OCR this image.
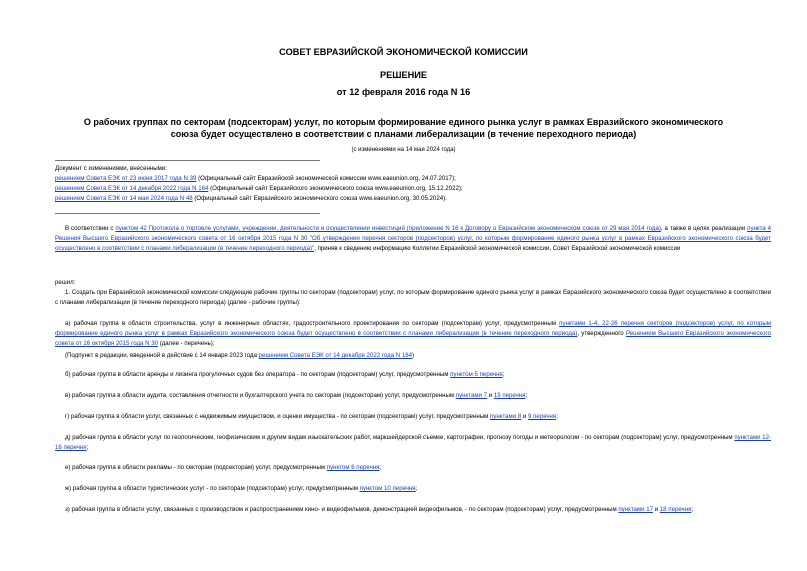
СОВЕТ ЕВРАЗИЙСКОЙ ЭКОНОМИЧЕСКОЙ КОМИССИИ
РЕШЕНИЕ
от 12 февраля 2016 года N 16
О рабочих группах по секторам (подсекторам) услуг, по которым формирование единого рынка услуг в рамках Евразийского экономического союза будет осуществлено в соответствии с планами либерализации (в течение переходного периода)
(с изменениями на 14 мая 2024 года)
Документ с изменениями, внесенными:
решением Совета ЕЭК от 23 июня 2017 года N 39 (Официальный сайт Евразийской экономической комиссии www.eaeunion.org, 24.07.2017);
решением Совета ЕЭК от 14 декабря 2022 года N 164 (Официальный сайт Евразийского экономического союза www.eaeunion.org, 15.12.2022);
решением Совета ЕЭК от 14 мая 2024 года N 48 (Официальный сайт Евразийского экономического союза www.eaeunion.org, 30.05.2024).
В соответствии с пунктом 42 Протокола о торговле услугами, учреждении, деятельности и осуществлении инвестиций (приложение N 16 к Договору о Евразийском экономическом союзе от 29 мая 2014 года), а также в целях реализации пункта 4 Решения Высшего Евразийского экономического совета от 16 октября 2015 года N 30 "Об утверждении перечня секторов (подсекторов) услуг, по которым формирование единого рынка услуг в рамках Евразийского экономического союза будет осуществлено в соответствии с планами либерализации (в течение переходного периода)", приняв к сведению информацию Коллегии Евразийской экономической комиссии, Совет Евразийской экономической комиссии
решил:
1. Создать при Евразийской экономической комиссии следующие рабочие группы по секторам (подсекторам) услуг, по которым формирование единого рынка услуг в рамках Евразийского экономического союза будет осуществлено в соответствии с планами либерализации (в течение переходного периода) (далее - рабочие группы):
а) рабочая группа в области строительства, услуг в инженерных областях, градостроительного проектирования по секторам (подсекторам) услуг, предусмотренным пунктами 1-4, 22-26 перечня секторов (подсекторов) услуг, по которым формирование единого рынка услуг в рамках Евразийского экономического союза будет осуществлено в соответствии с планами либерализации (в течение переходного периода), утвержденного Решением Высшего Евразийского экономического совета от 16 октября 2015 года N 30 (далее - перечень);
(Подпункт в редакции, введенной в действие с 14 января 2023 года решением Совета ЕЭК от 14 декабря 2022 года N 164)
б) рабочая группа в области аренды и лизинга прогулочных судов без оператора - по секторам (подсекторам) услуг, предусмотренным пунктом 5 перечня;
в) рабочая группа в области аудита, составления отчетности и бухгалтерского учета по секторам (подсекторам) услуг, предусмотренным пунктами 7 и 19 перечня;
г) рабочая группа в области услуг, связанных с недвижимым имуществом, и оценки имущества - по секторам (подсекторам) услуг, предусмотренным пунктами 8 и 9 перечня;
д) рабочая группа в области услуг по геологическим, геофизическим и другим видам изыскательских работ, маркшейдерской съемке, картографии, прогнозу погоды и метеорологии - по секторам (подсекторам) услуг, предусмотренным пунктами 12-16 перечня;
е) рабочая группа в области рекламы - по секторам (подсекторам) услуг, предусмотренным пунктом 6 перечня;
ж) рабочая группа в области туристических услуг - по секторам (подсекторам) услуг, предусмотренным пунктом 10 перечня;
з) рабочая группа в области услуг, связанных с производством и распространением кино- и видеофильмов, демонстрацией видеофильмов, - по секторам (подсекторам) услуг, предусмотренным пунктами 17 и 18 перечня;
